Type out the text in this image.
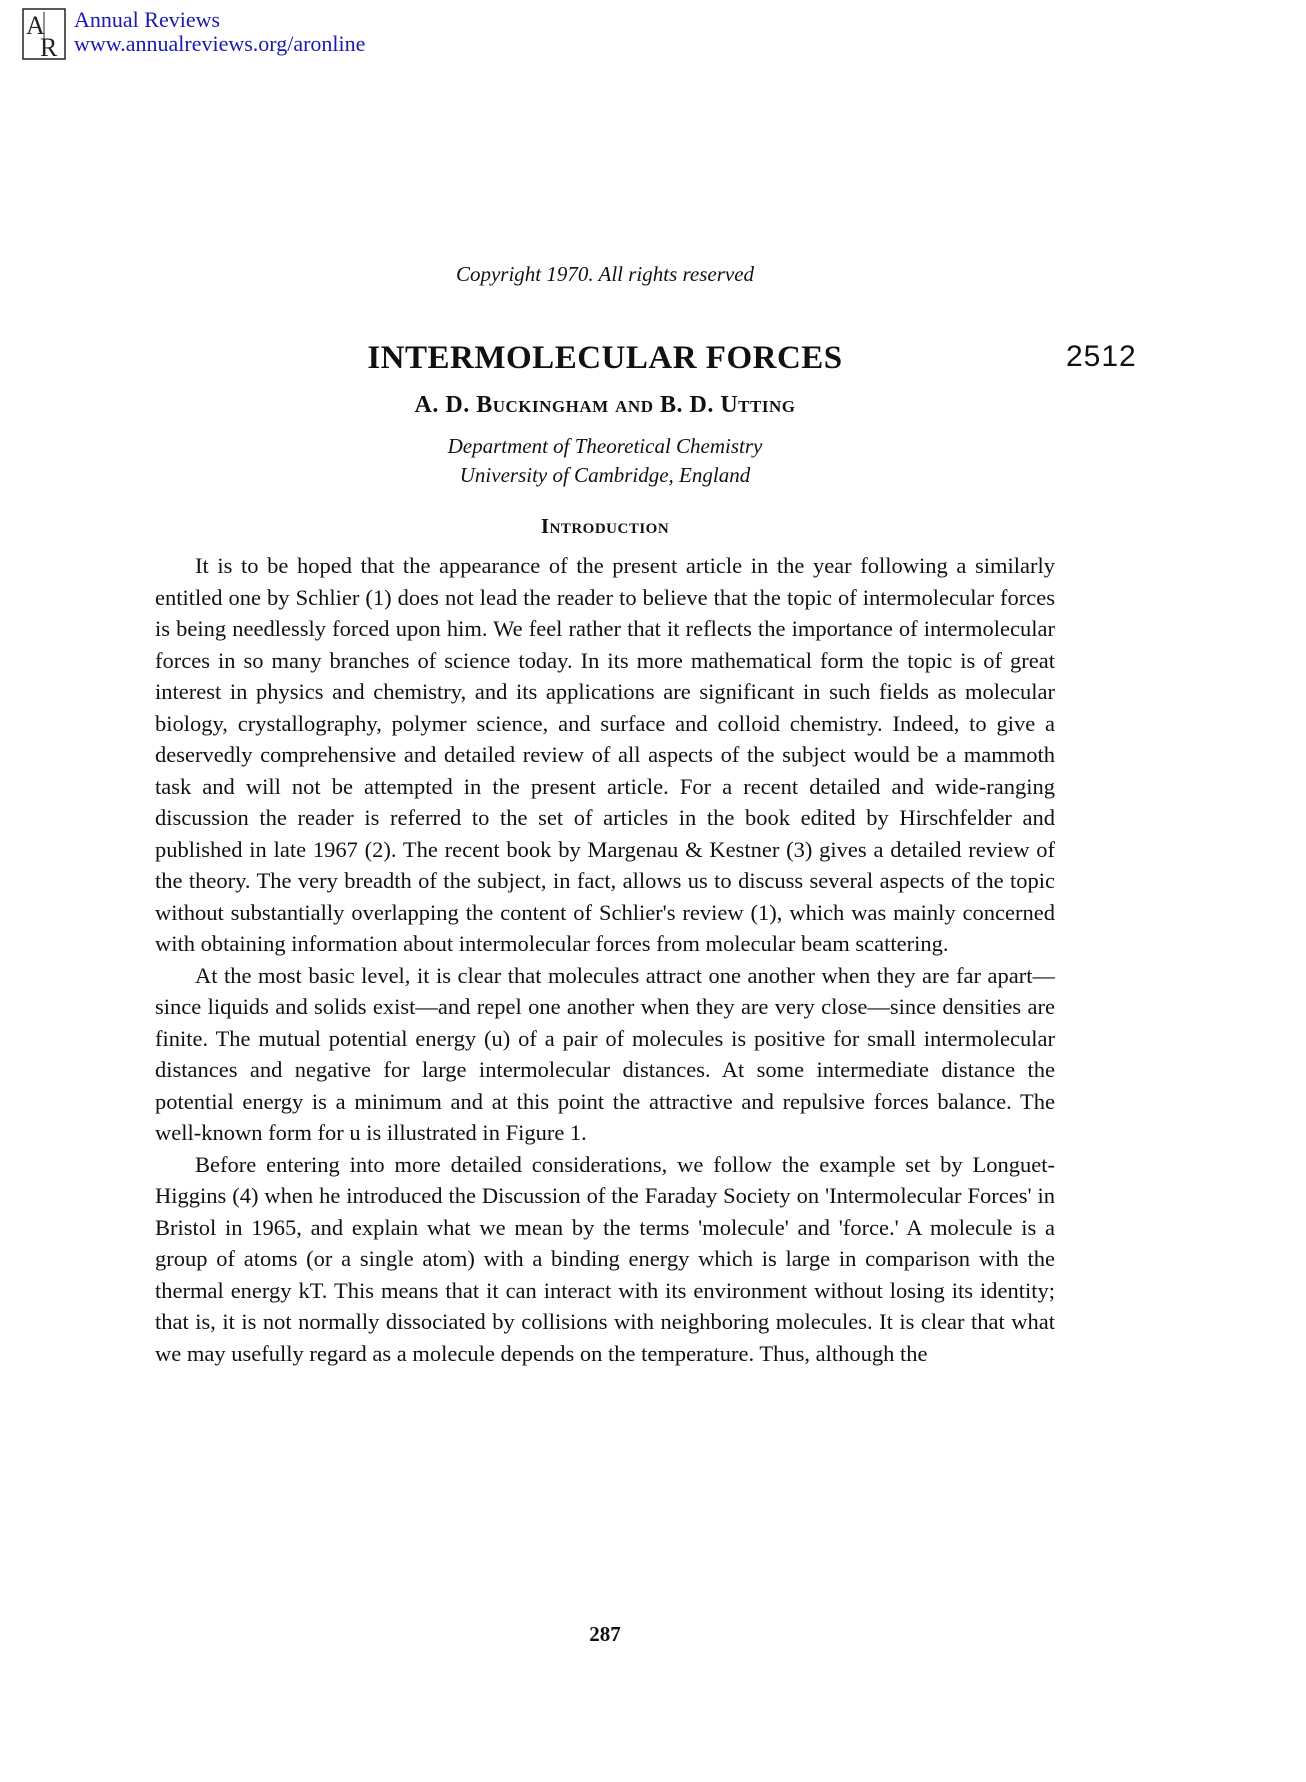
A
R
Annual Reviews
www.annualreviews.org/aronline
Copyright 1970. All rights reserved
INTERMOLECULAR FORCES	2512
A. D. Buckingham and B. D. Utting
Department of Theoretical Chemistry
University of Cambridge, England
Introduction

It is to be hoped that the appearance of the present article in the year following a similarly entitled one by Schlier (1) does not lead the reader to believe that the topic of intermolecular forces is being needlessly forced upon him. We feel rather that it reflects the importance of intermolecular forces in so many branches of science today. In its more mathematical form the topic is of great interest in physics and chemistry, and its applications are significant in such fields as molecular biology, crystallography, polymer science, and surface and colloid chemistry. Indeed, to give a deservedly comprehensive and detailed review of all aspects of the subject would be a mammoth task and will not be attempted in the present article. For a recent detailed and wide-ranging discussion the reader is referred to the set of articles in the book edited by Hirschfelder and published in late 1967 (2). The recent book by Margenau & Kestner (3) gives a detailed review of the theory. The very breadth of the subject, in fact, allows us to discuss several aspects of the topic without substantially overlapping the content of Schlier's review (1), which was mainly concerned with obtaining information about intermolecular forces from molecular beam scattering.

At the most basic level, it is clear that molecules attract one another when they are far apart—since liquids and solids exist—and repel one another when they are very close—since densities are finite. The mutual potential energy (u) of a pair of molecules is positive for small intermolecular distances and negative for large intermolecular distances. At some intermediate distance the potential energy is a minimum and at this point the attractive and repulsive forces balance. The well-known form for u is illustrated in Figure 1.

Before entering into more detailed considerations, we follow the example set by Longuet-Higgins (4) when he introduced the Discussion of the Faraday Society on 'Intermolecular Forces' in Bristol in 1965, and explain what we mean by the terms 'molecule' and 'force.' A molecule is a group of atoms (or a single atom) with a binding energy which is large in comparison with the thermal energy kT. This means that it can interact with its environment without losing its identity; that is, it is not normally dissociated by collisions with neighboring molecules. It is clear that what we may usefully regard as a molecule depends on the temperature. Thus, although the

287
